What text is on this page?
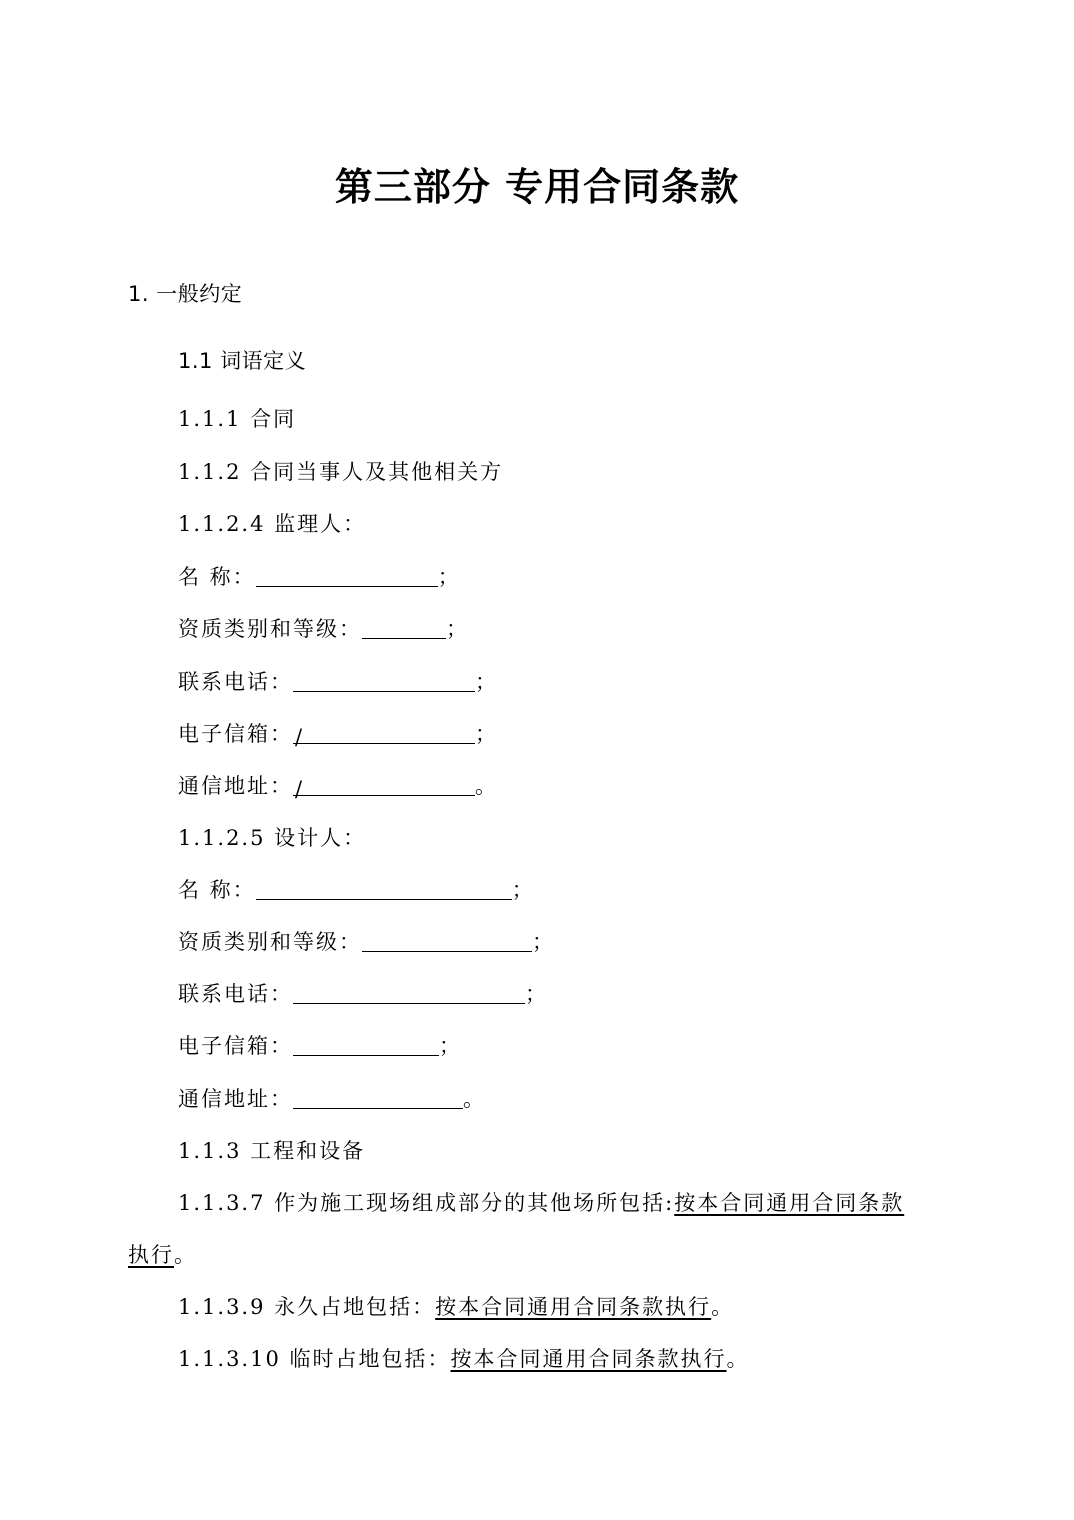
第三部分 专用合同条款
1. 一般约定
1.1 词语定义
1.1.1 合同
1.1.2 合同当事人及其他相关方
1.1.2.4 监理人：
名 称：	；
资质类别和等级：	；
联系电话：	；
电子信箱：/	；
通信地址：/	。
1.1.2.5 设计人：
名 称：	；
资质类别和等级：	；
联系电话：	；
电子信箱：	；
通信地址：	。
1.1.3 工程和设备
1.1.3.7 作为施工现场组成部分的其他场所包括:按本合同通用合同条款
执行。
1.1.3.9 永久占地包括：按本合同通用合同条款执行。
1.1.3.10 临时占地包括：按本合同通用合同条款执行。
